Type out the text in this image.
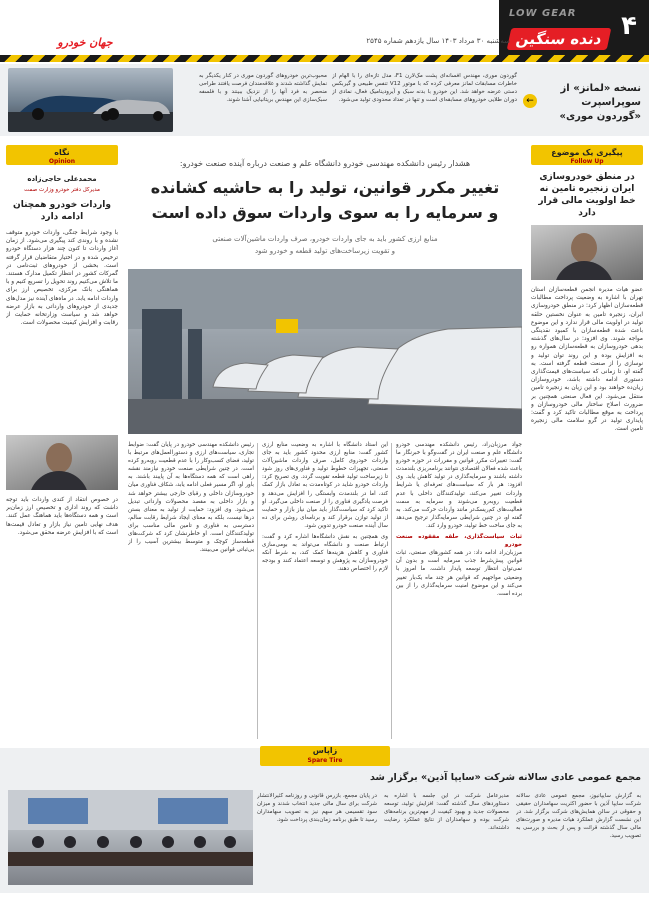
۴
LOW GEAR
دنده سنگین
سه‌شنبه ۳۰ مرداد ۱۴۰۳ سال یازدهم شماره ۲۵۴۵
جهان خودرو
نسخه «لمانز» از سوپراسپرت «گوردون موری»
←
گوردون موری، مهندس افسانه‌ای پشت مک‌لارن F1، مدل تازه‌ای را با الهام از خاطرات مسابقات لمانز معرفی کرده که با موتور V12 تنفس طبیعی و گیربکس دستی عرضه خواهد شد. این خودرو با بدنه سبک و آیرودینامیک فعال، نمادی از دوران طلایی خودروهای مسابقه‌ای است و تنها در تعداد محدودی تولید می‌شود.
محبوب‌ترین خودروهای گوردون موری در کنار یکدیگر به نمایش گذاشته شدند و علاقه‌مندان فرصت یافتند طراحی منحصر به فرد آنها را از نزدیک ببینند و با فلسفه سبک‌سازی این مهندس بریتانیایی آشنا شوند.
پیگیری یک موضوع
Follow Up
در منطق خودروسازی ایران زنجیره تامین نه خط اولویت مالی قرار دارد
عضو هیات مدیره انجمن قطعه‌سازان استان تهران با اشاره به وضعیت پرداخت مطالبات قطعه‌سازان اظهار کرد: در منطق خودروسازی ایران، زنجیره تامین به عنوان نخستین حلقه تولید در اولویت مالی قرار ندارد و این موضوع باعث شده قطعه‌سازان با کمبود نقدینگی مواجه شوند. وی افزود: در سال‌های گذشته بدهی خودروسازان به قطعه‌سازان همواره رو به افزایش بوده و این روند توان تولید و نوسازی را از صنعت قطعه گرفته است. به گفته او، تا زمانی که سیاست‌های قیمت‌گذاری دستوری ادامه داشته باشد، خودروسازان زیان‌ده خواهند بود و این زیان به زنجیره تامین منتقل می‌شود. این فعال صنعتی همچنین بر ضرورت اصلاح ساختار مالی خودروسازان و پرداخت به موقع مطالبات تاکید کرد و گفت: پایداری تولید در گرو سلامت مالی زنجیره تامین است.
نگاه
Opinion
محمدعلی حاجی‌زاده
مدیرکل دفتر خودرو وزارت صمت
واردات خودرو همچنان ادامه دارد
با وجود شرایط جنگی، واردات خودرو متوقف نشده و با روندی کند پیگیری می‌شود. از زمان آغاز واردات تا کنون چند هزار دستگاه خودرو ترخیص شده و در اختیار متقاضیان قرار گرفته است. بخشی از خودروهای ثبت‌نامی در گمرکات کشور در انتظار تکمیل مدارک هستند. ما تلاش می‌کنیم روند تحویل را تسریع کنیم و با هماهنگی بانک مرکزی، تخصیص ارز برای واردات ادامه یابد. در ماه‌های آینده نیز مدل‌های جدیدی از خودروهای وارداتی به بازار عرضه خواهد شد و سیاست وزارتخانه حمایت از رقابت و افزایش کیفیت محصولات است.
در خصوص انتقاد از کندی واردات باید توجه داشت که روند اداری و تخصیص ارز زمان‌بر است و همه دستگاه‌ها باید هماهنگ عمل کنند. هدف نهایی تامین نیاز بازار و تعادل قیمت‌ها است که با افزایش عرضه محقق می‌شود.
هشدار رئیس دانشکده مهندسی خودرو دانشگاه علم و صنعت درباره آینده صنعت خودرو:
تغییر مکرر قوانین، تولید را به حاشیه کشانده
و سرمایه را به سوی واردات سوق داده است
منابع ارزی کشور باید به جای واردات خودرو، صرف واردات ماشین‌آلات صنعتی
و تقویت زیرساخت‌های تولید قطعه و خودرو شود
جواد مرزبان‌راد، رئیس دانشکده مهندسی خودرو دانشگاه علم و صنعت ایران در گفت‌وگو با خبرنگار ما گفت: تغییرات مکرر قوانین و مقررات در حوزه خودرو باعث شده فعالان اقتصادی نتوانند برنامه‌ریزی بلندمدت داشته باشند و سرمایه‌گذاری در تولید کاهش یابد. وی افزود: هر بار که سیاست‌های تعرفه‌ای یا شرایط واردات تغییر می‌کند، تولیدکنندگان داخلی با عدم قطعیت روبه‌رو می‌شوند و سرمایه به سمت فعالیت‌های کم‌ریسک‌تر مانند واردات حرکت می‌کند. به گفته او، در چنین شرایطی سرمایه‌گذار ترجیح می‌دهد به جای ساخت خط تولید، خودرو وارد کند.
ثبات سیاست‌گذاری، حلقه مفقوده صنعت خودرو
مرزبان‌راد ادامه داد: در همه کشورهای صنعتی، ثبات قوانین پیش‌شرط جذب سرمایه است و بدون آن نمی‌توان انتظار توسعه پایدار داشت. ما امروز با وضعیتی مواجهیم که قوانین هر چند ماه یک‌بار تغییر می‌کند و این موضوع امنیت سرمایه‌گذاری را از بین برده است.
این استاد دانشگاه با اشاره به وضعیت منابع ارزی کشور گفت: منابع ارزی محدود کشور باید به جای واردات خودروی کامل، صرف واردات ماشین‌آلات صنعتی، تجهیزات خطوط تولید و فناوری‌های روز شود تا زیرساخت تولید قطعه تقویت گردد. وی تصریح کرد: واردات خودرو شاید در کوتاه‌مدت به تعادل بازار کمک کند، اما در بلندمدت وابستگی را افزایش می‌دهد و فرصت یادگیری فناوری را از صنعت داخلی می‌گیرد. او تاکید کرد که سیاست‌گذار باید میان نیاز بازار و حمایت از تولید توازن برقرار کند و برنامه‌ای روشن برای ده سال آینده صنعت خودرو تدوین شود.
وی همچنین به نقش دانشگاه‌ها اشاره کرد و گفت: ارتباط صنعت و دانشگاه می‌تواند به بومی‌سازی فناوری و کاهش هزینه‌ها کمک کند، به شرط آنکه خودروسازان به پژوهش و توسعه اعتماد کنند و بودجه لازم را اختصاص دهند.
رئیس دانشکده مهندسی خودرو در پایان گفت: ضوابط تجاری، سیاست‌های ارزی و دستورالعمل‌های مرتبط با تولید، فضای کسب‌وکار را با عدم قطعیت روبه‌رو کرده است. در چنین شرایطی صنعت خودرو نیازمند نقشه راهی است که همه دستگاه‌ها به آن پایبند باشند. به باور او، اگر مسیر فعلی ادامه یابد، شکاف فناوری میان خودروسازان داخلی و رقبای خارجی بیشتر خواهد شد و بازار داخلی به مقصد محصولات وارداتی تبدیل می‌شود. وی افزود: حمایت از تولید به معنای بستن درها نیست، بلکه به معنای ایجاد شرایط رقابت سالم، دسترسی به فناوری و تامین مالی مناسب برای تولیدکنندگان است. او خاطرنشان کرد که شرکت‌های قطعه‌ساز کوچک و متوسط بیشترین آسیب را از بی‌ثباتی قوانین می‌بینند.
زاپاس
Spare Tire
مجمع عمومی عادی سالانه شرکت «سایپا آذین» برگزار شد
به گزارش سایپا‌نیوز، مجمع عمومی عادی سالانه شرکت سایپا آذین با حضور اکثریت سهامداران حقیقی و حقوقی در سالن همایش‌های شرکت برگزار شد. در این نشست گزارش عملکرد هیات مدیره و صورت‌های مالی سال گذشته قرائت و پس از بحث و بررسی به تصویب رسید.
مدیرعامل شرکت در این جلسه با اشاره به دستاوردهای سال گذشته گفت: افزایش تولید، توسعه محصولات جدید و بهبود کیفیت از مهم‌ترین برنامه‌های شرکت بوده و سهامداران از نتایج عملکرد رضایت داشته‌اند.
در پایان مجمع، بازرس قانونی و روزنامه کثیرالانتشار شرکت برای سال مالی جدید انتخاب شدند و میزان سود تقسیمی هر سهم نیز به تصویب سهامداران رسید تا طبق برنامه زمان‌بندی پرداخت شود.
